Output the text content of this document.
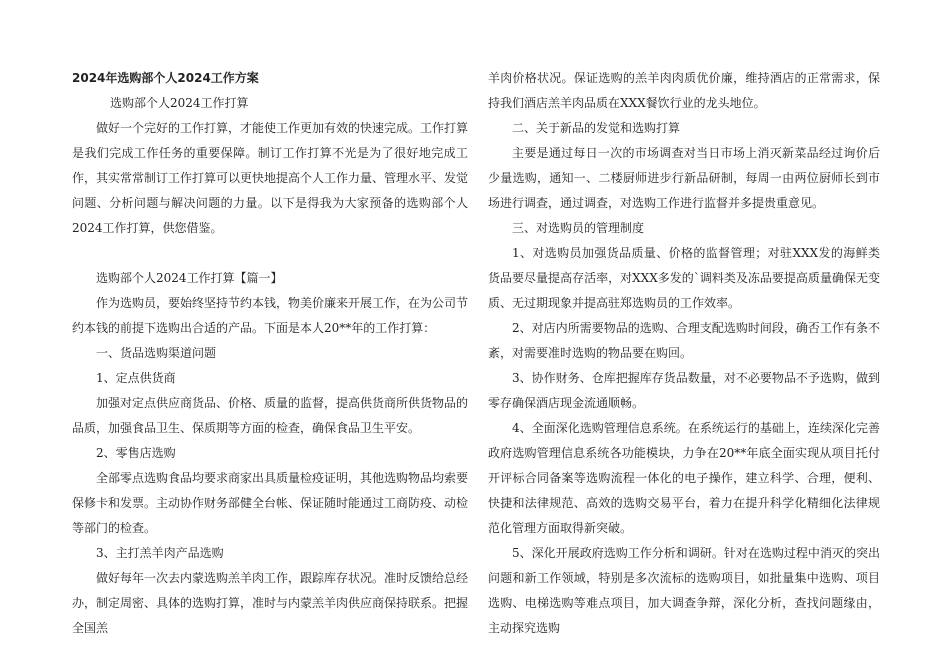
2024年选购部个人2024工作方案

选购部个人2024工作打算

做好一个完好的工作打算，才能使工作更加有效的快速完成。工作打算是我们完成工作任务的重要保障。制订工作打算不光是为了很好地完成工作，其实常常制订工作打算可以更快地提高个人工作力量、管理水平、发觉问题、分析问题与解决问题的力量。以下是得我为大家预备的选购部个人2024工作打算，供您借鉴。

选购部个人2024工作打算【篇一】

作为选购员，要始终坚持节约本钱，物美价廉来开展工作，在为公司节约本钱的前提下选购出合适的产品。下面是本人20**年的工作打算：

一、货品选购渠道问题

1、定点供货商

加强对定点供应商货品、价格、质量的监督，提高供货商所供货物品的品质，加强食品卫生、保质期等方面的检查，确保食品卫生平安。

2、零售店选购

全部零点选购食品均要求商家出具质量检疫证明，其他选购物品均索要保修卡和发票。主动协作财务部健全台帐、保证随时能通过工商防疫、动检等部门的检查。

3、主打羔羊肉产品选购

做好每年一次去内蒙选购羔羊肉工作，跟踪库存状况。准时反馈给总经办，制定周密、具体的选购打算，准时与内蒙羔羊肉供应商保持联系。把握全国羔

羊肉价格状况。保证选购的羔羊肉肉质优价廉，维持酒店的正常需求，保持我们酒店羔羊肉品质在XXX餐饮行业的龙头地位。

二、关于新品的发觉和选购打算

主要是通过每日一次的市场调查对当日市场上消灭新菜品经过询价后少量选购，通知一、二楼厨师进步行新品研制，每周一由两位厨师长到市场进行调查，通过调查，对选购工作进行监督并多提贵重意见。

三、对选购员的管理制度

1、对选购员加强货品质量、价格的监督管理；对驻XXX发的海鲜类货品要尽量提高存活率，对XXX多发的`调料类及冻品要提高质量确保无变质、无过期现象并提高驻郑选购员的工作效率。

2、对店内所需要物品的选购、合理支配选购时间段，确否工作有条不紊，对需要准时选购的物品要在购回。

3、协作财务、仓库把握库存货品数量，对不必要物品不予选购，做到零存确保酒店现金流通顺畅。

4、全面深化选购管理信息系统。在系统运行的基础上，连续深化完善政府选购管理信息系统各功能模块，力争在20**年底全面实现从项目托付开评标合同备案等选购流程一体化的电子操作，建立科学、合理，便利、快捷和法律规范、高效的选购交易平台，着力在提升科学化精细化法律规范化管理方面取得新突破。

5、深化开展政府选购工作分析和调研。针对在选购过程中消灭的突出问题和新工作领域，特别是多次流标的选购项目，如批量集中选购、项目选购、电梯选购等难点项目，加大调查争辩，深化分析，查找问题缘由，主动探究选购
